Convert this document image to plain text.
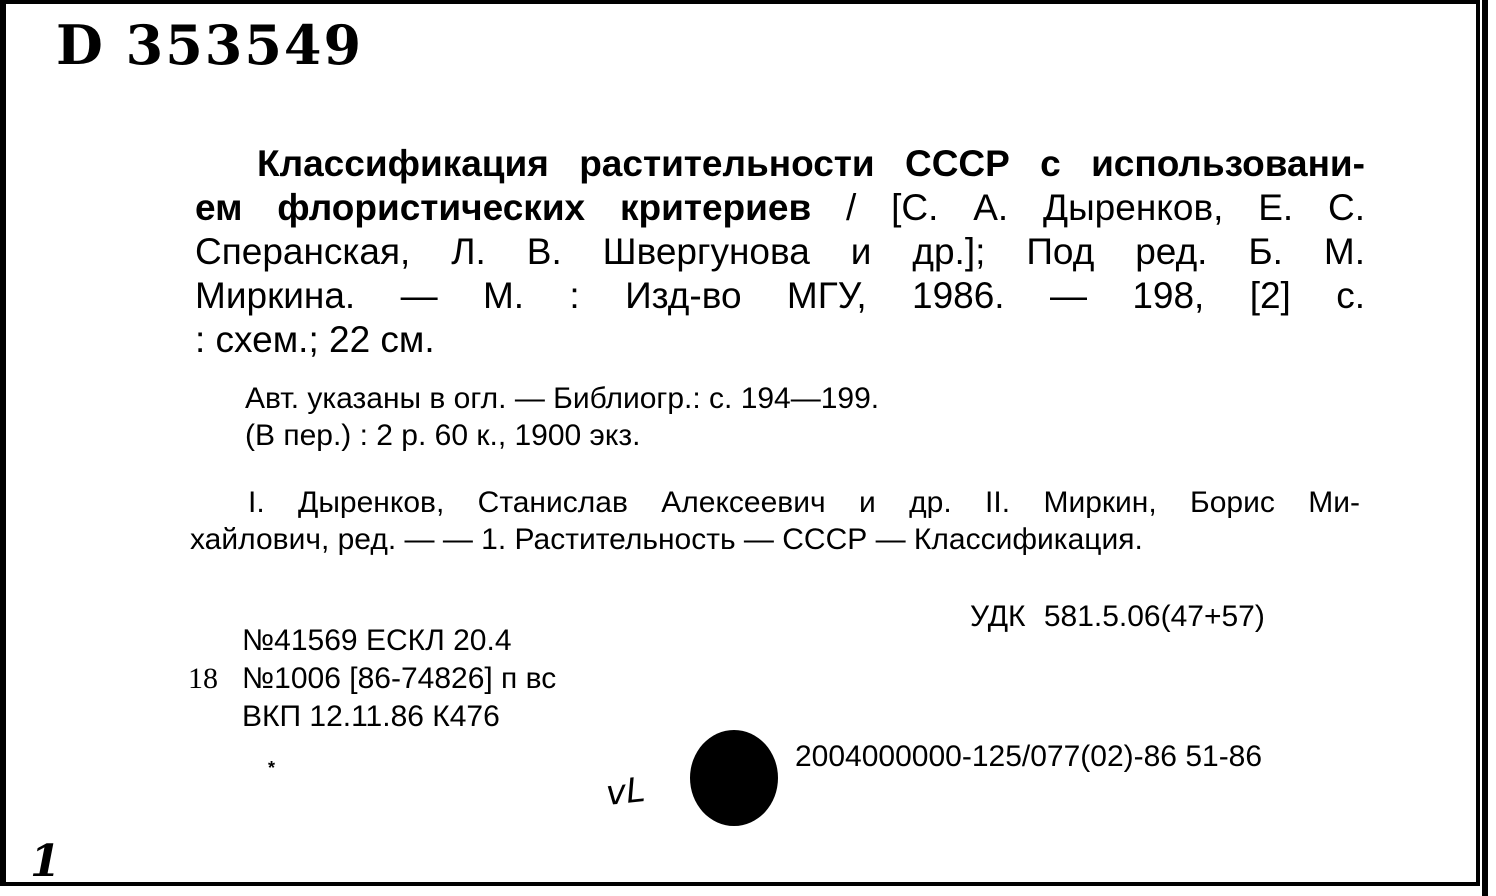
D 353549
Классификация растительности СССР с использовани-
ем флористических критериев / [С. А. Дыренков, Е. С.
Сперанская, Л. В. Швергунова и др.]; Под ред. Б. М.
Миркина. — М. : Изд-во МГУ, 1986. — 198, [2] с.
: схем.; 22 см.
Авт. указаны в огл. — Библиогр.: с. 194—199.
(В пер.) : 2 р. 60 к., 1900 экз.
I. Дыренков, Станислав Алексеевич и др. II. Миркин, Борис Ми-
хайлович, ред. — — 1. Растительность — СССР — Классификация.
УДК 581.5.06(47+57)
№41569 ЕСКЛ 20.4
18 №1006 [86-74826] п вс
ВКП 12.11.86 К476
2004000000-125/077(02)-86 51-86
*
vL
1
